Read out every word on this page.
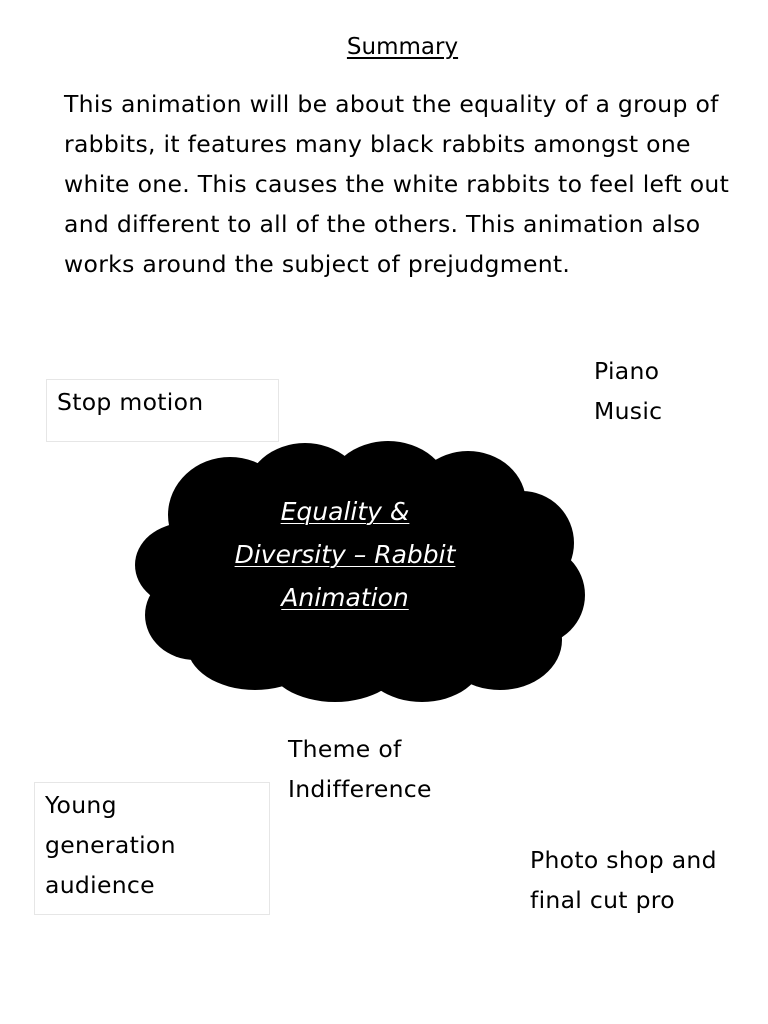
Summary

This animation will be about the equality of a group of rabbits, it features many black rabbits amongst one white one. This causes the white rabbits to feel left out and different to all of the others. This animation also works around the subject of prejudgment.

Stop motion

Piano
Music
Equality &
Diversity – Rabbit
Animation
Theme of
Indifference
Young
generation
audience
Photo shop and
final cut pro
